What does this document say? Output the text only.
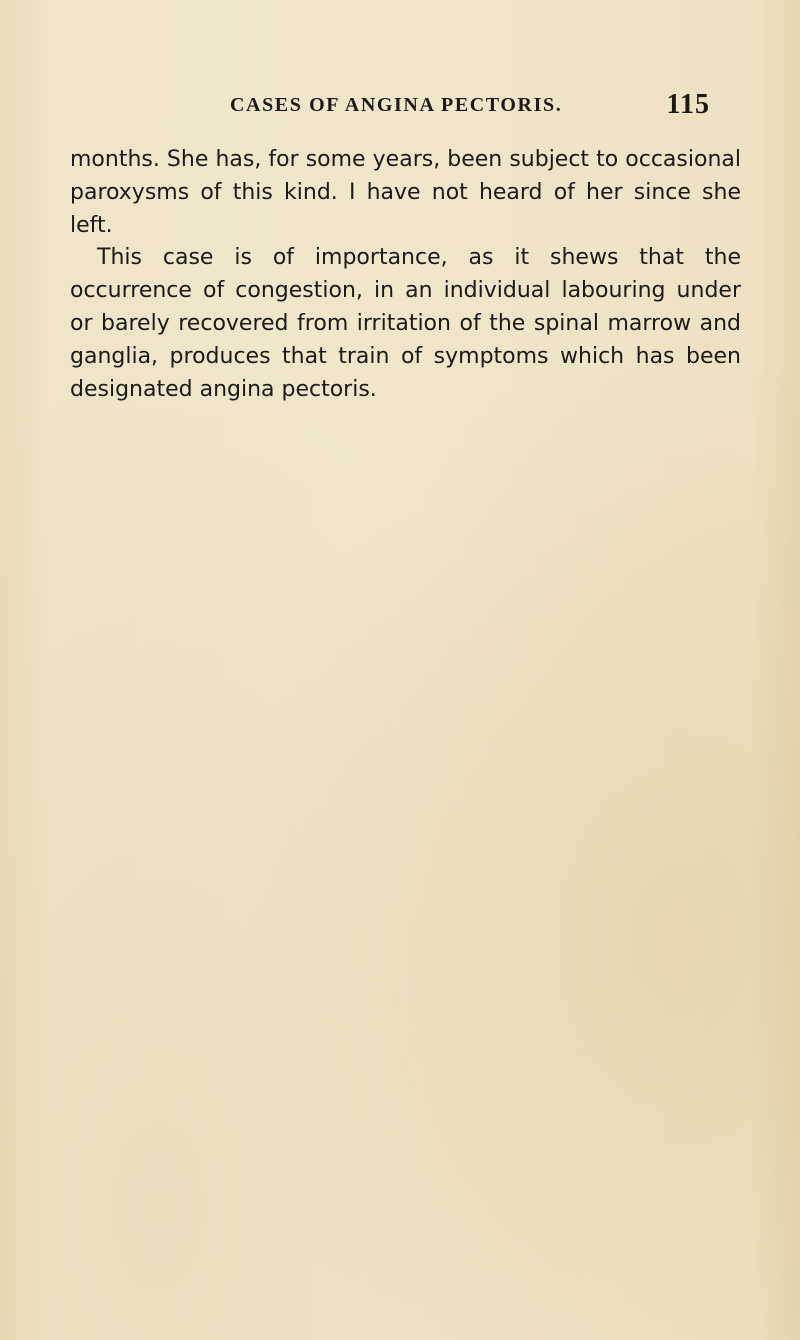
CASES OF ANGINA PECTORIS.	115

months. She has, for some years, been subject to occasional paroxysms of this kind. I have not heard of her since she left.

This case is of importance, as it shews that the occurrence of congestion, in an individual labouring under or barely recovered from irritation of the spinal marrow and ganglia, produces that train of symptoms which has been designated angina pectoris.
